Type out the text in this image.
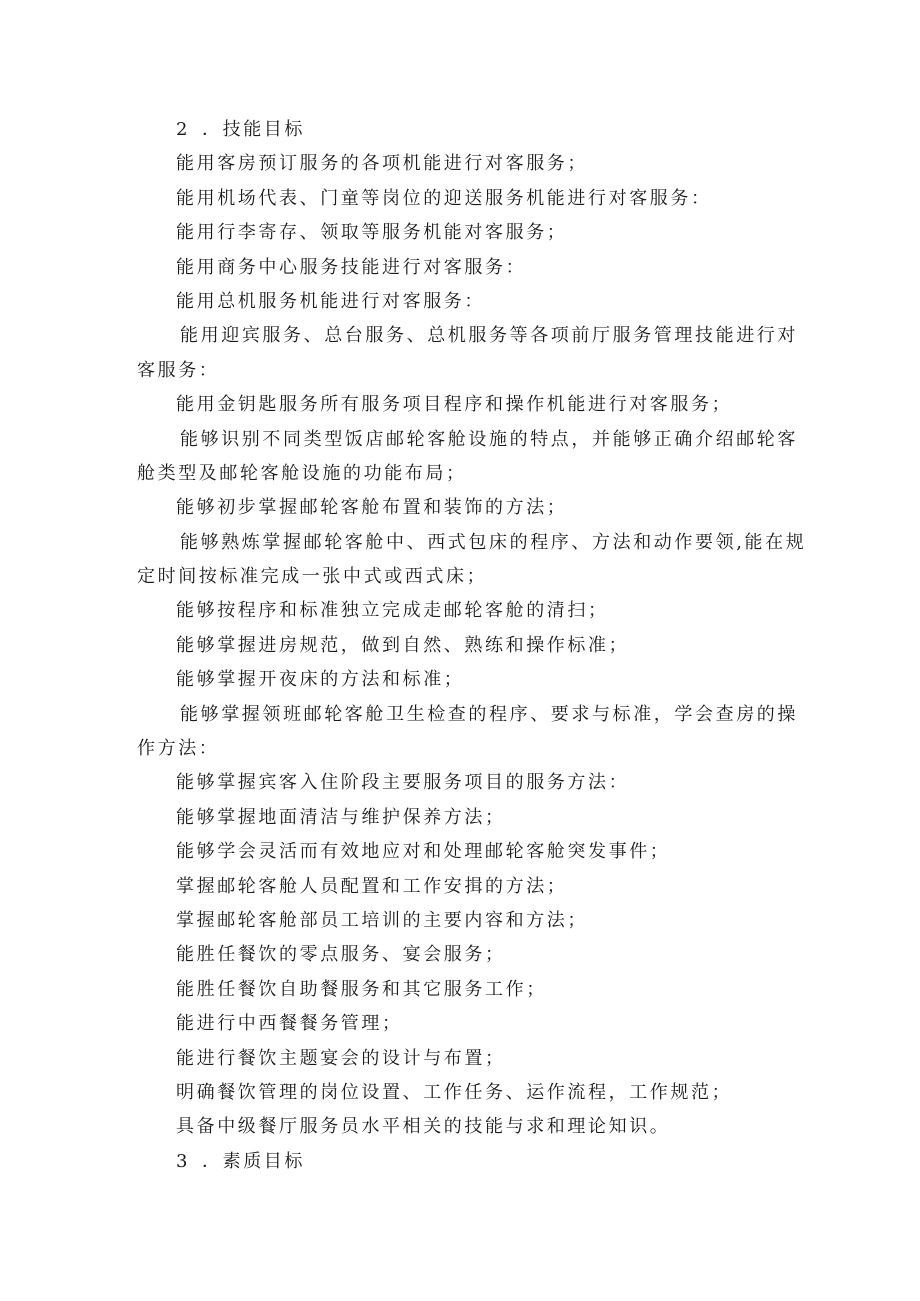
2 ．技能目标
能用客房预订服务的各项机能进行对客服务；
能用机场代表、门童等岗位的迎送服务机能进行对客服务：
能用行李寄存、领取等服务机能对客服务；
能用商务中心服务技能进行对客服务：
能用总机服务机能进行对客服务：
能用迎宾服务、总台服务、总机服务等各项前厅服务管理技能进行对
客服务：
能用金钥匙服务所有服务项目程序和操作机能进行对客服务；
能够识别不同类型饭店邮轮客舱设施的特点，并能够正确介绍邮轮客
舱类型及邮轮客舱设施的功能布局；
能够初步掌握邮轮客舱布置和装饰的方法；
能够熟炼掌握邮轮客舱中、西式包床的程序、方法和动作要领,能在规
定时间按标准完成一张中式或西式床；
能够按程序和标准独立完成走邮轮客舱的清扫；
能够掌握进房规范，做到自然、熟练和操作标准；
能够掌握开夜床的方法和标准；
能够掌握领班邮轮客舱卫生检查的程序、要求与标准，学会查房的操
作方法：
能够掌握宾客入住阶段主要服务项目的服务方法：
能够掌握地面清洁与维护保养方法；
能够学会灵活而有效地应对和处理邮轮客舱突发事件；
掌握邮轮客舱人员配置和工作安揖的方法；
掌握邮轮客舱部员工培训的主要内容和方法；
能胜任餐饮的零点服务、宴会服务；
能胜任餐饮自助餐服务和其它服务工作；
能进行中西餐餐务管理；
能进行餐饮主题宴会的设计与布置；
明确餐饮管理的岗位设置、工作任务、运作流程，工作规范；
具备中级餐厅服务员水平相关的技能与求和理论知识。
3 ．素质目标
